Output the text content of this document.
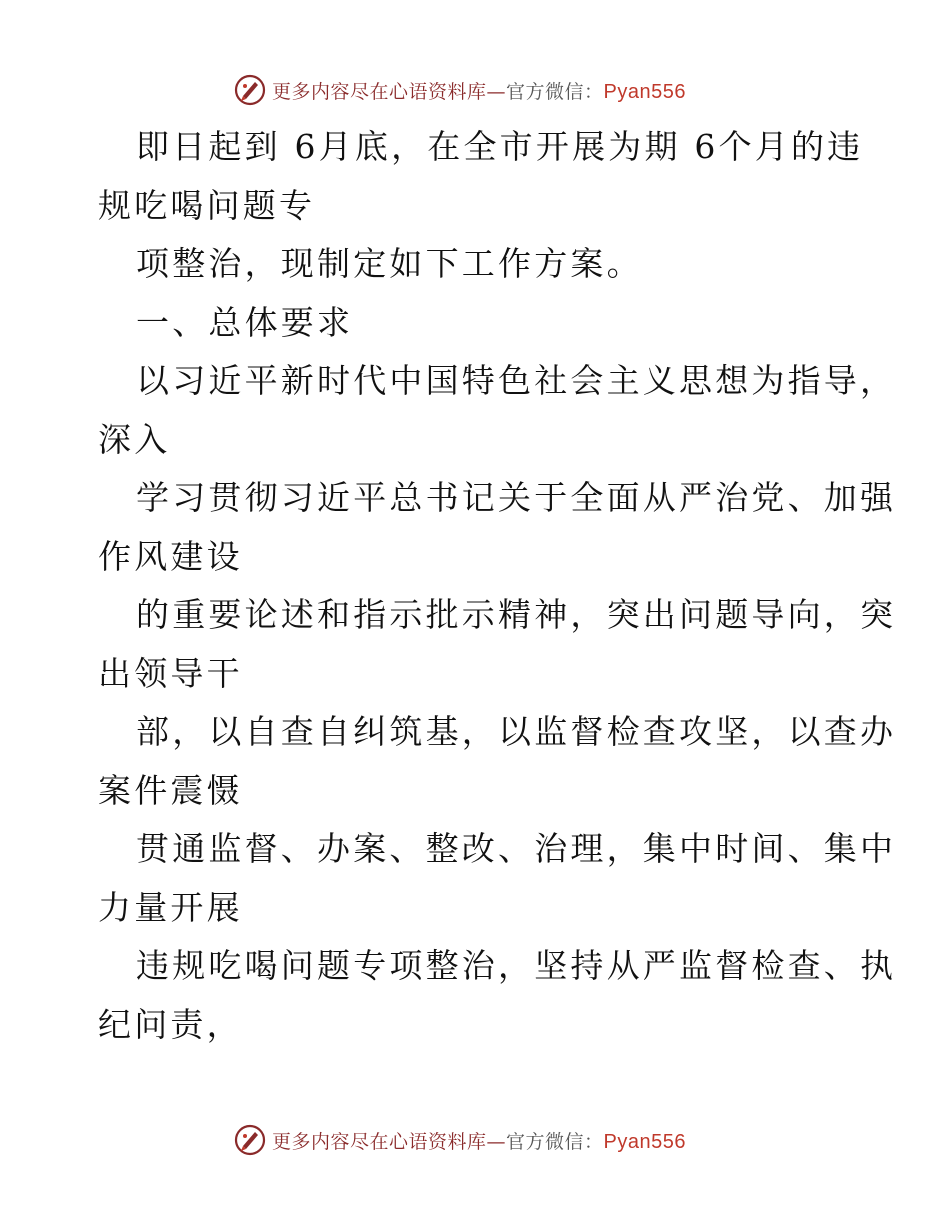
更多内容尽在心语资料库—官方微信：Pyan556
即日起到 6月底，在全市开展为期 6个月的违
规吃喝问题专
项整治，现制定如下工作方案。
一、总体要求
以习近平新时代中国特色社会主义思想为指导，
深入
学习贯彻习近平总书记关于全面从严治党、加强
作风建设
的重要论述和指示批示精神，突出问题导向，突
出领导干
部，以自查自纠筑基，以监督检查攻坚，以查办
案件震慑
贯通监督、办案、整改、治理，集中时间、集中
力量开展
违规吃喝问题专项整治，坚持从严监督检查、执
纪问责，
更多内容尽在心语资料库—官方微信：Pyan556
